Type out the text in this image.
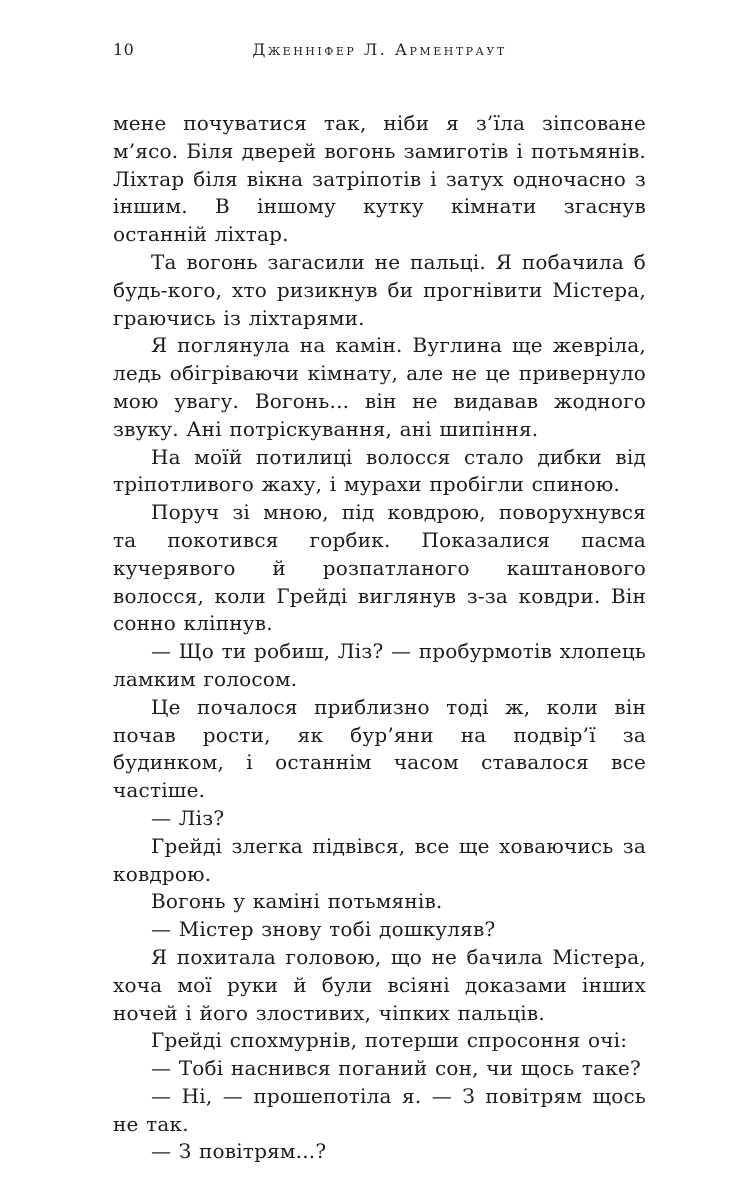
10	Дженніфер Л. Арментраут

мене почуватися так, ніби я з’їла зіпсоване м’ясо. Біля дверей вогонь замиготів і потьмянів. Ліхтар біля вікна затріпотів і затух одночасно з іншим. В іншому кутку кімнати згаснув останній ліхтар.

Та вогонь загасили не пальці. Я побачила б будь-кого, хто ризикнув би прогнівити Містера, граючись із ліхтарями.

Я поглянула на камін. Вуглина ще жевріла, ледь обігріваючи кімнату, але не це привернуло мою увагу. Вогонь... він не видавав жодного звуку. Ані потріскування, ані шипіння.

На моїй потилиці волосся стало дибки від тріпотливого жаху, і мурахи пробігли спиною.

Поруч зі мною, під ковдрою, поворухнувся та покотився горбик. Показалися пасма кучерявого й розпатланого каштанового волосся, коли Грейді виглянув з-за ковдри. Він сонно кліпнув.

— Що ти робиш, Ліз? — пробурмотів хлопець ламким голосом.

Це почалося приблизно тоді ж, коли він почав рости, як бур’яни на подвір’ї за будинком, і останнім часом ставалося все частіше.

— Ліз?

Грейді злегка підвівся, все ще ховаючись за ковдрою.

Вогонь у каміні потьмянів.

— Містер знову тобі дошкуляв?

Я похитала головою, що не бачила Містера, хоча мої руки й були всіяні доказами інших ночей і його злостивих, чіпких пальців.

Грейді спохмурнів, потерши спросоння очі:

— Тобі наснився поганий сон, чи щось таке?

— Ні, — прошепотіла я. — З повітрям щось не так.

— З повітрям...?
